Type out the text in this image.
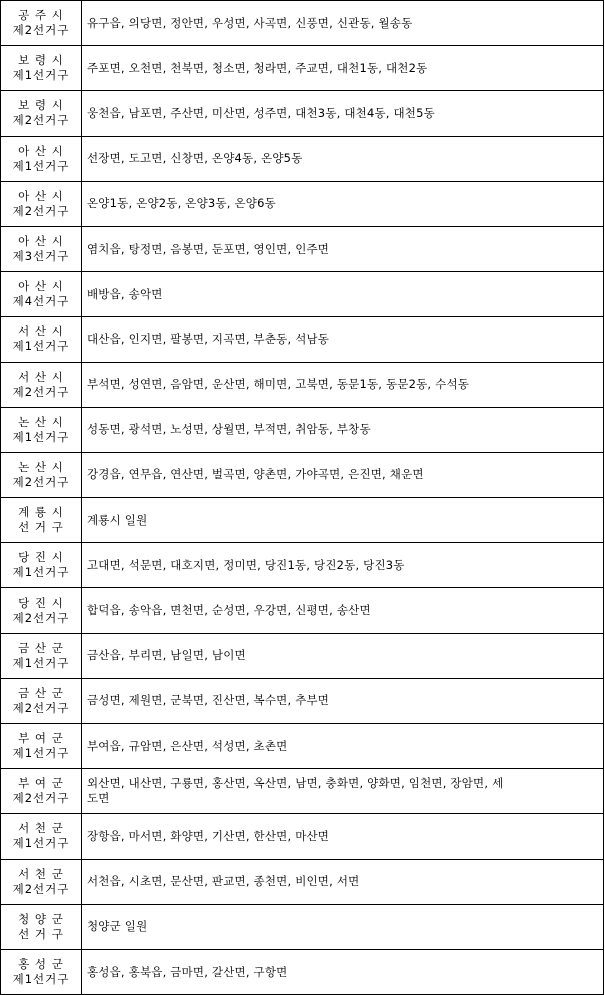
공 주 시
제2선거구	유구읍, 의당면, 정안면, 우성면, 사곡면, 신풍면, 신관동, 월송동

보 령 시
제1선거구	주포면, 오천면, 천북면, 청소면, 청라면, 주교면, 대천1동, 대천2동

보 령 시
제2선거구	웅천읍, 남포면, 주산면, 미산면, 성주면, 대천3동, 대천4동, 대천5동

아 산 시
제1선거구	선장면, 도고면, 신창면, 온양4동, 온양5동

아 산 시
제2선거구	온양1동, 온양2동, 온양3동, 온양6동

아 산 시
제3선거구	염치읍, 탕정면, 음봉면, 둔포면, 영인면, 인주면

아 산 시
제4선거구	배방읍, 송악면

서 산 시
제1선거구	대산읍, 인지면, 팔봉면, 지곡면, 부춘동, 석남동

서 산 시
제2선거구	부석면, 성연면, 음암면, 운산면, 해미면, 고북면, 동문1동, 동문2동, 수석동

논 산 시
제1선거구	성동면, 광석면, 노성면, 상월면, 부적면, 취암동, 부창동

논 산 시
제2선거구	강경읍, 연무읍, 연산면, 벌곡면, 양촌면, 가야곡면, 은진면, 채운면

계 룡 시
선 거 구	계룡시 일원

당 진 시
제1선거구	고대면, 석문면, 대호지면, 정미면, 당진1동, 당진2동, 당진3동

당 진 시
제2선거구	합덕읍, 송악읍, 면천면, 순성면, 우강면, 신평면, 송산면

금 산 군
제1선거구	금산읍, 부리면, 남일면, 남이면

금 산 군
제2선거구	금성면, 제원면, 군북면, 진산면, 복수면, 추부면

부 여 군
제1선거구	부여읍, 규암면, 은산면, 석성면, 초촌면

부 여 군
제2선거구	외산면, 내산면, 구룡면, 홍산면, 옥산면, 남면, 충화면, 양화면, 임천면, 장암면, 세
도면

서 천 군
제1선거구	장항읍, 마서면, 화양면, 기산면, 한산면, 마산면

서 천 군
제2선거구	서천읍, 시초면, 문산면, 판교면, 종천면, 비인면, 서면

청 양 군
선 거 구	청양군 일원

홍 성 군
제1선거구	홍성읍, 홍북읍, 금마면, 갈산면, 구항면
